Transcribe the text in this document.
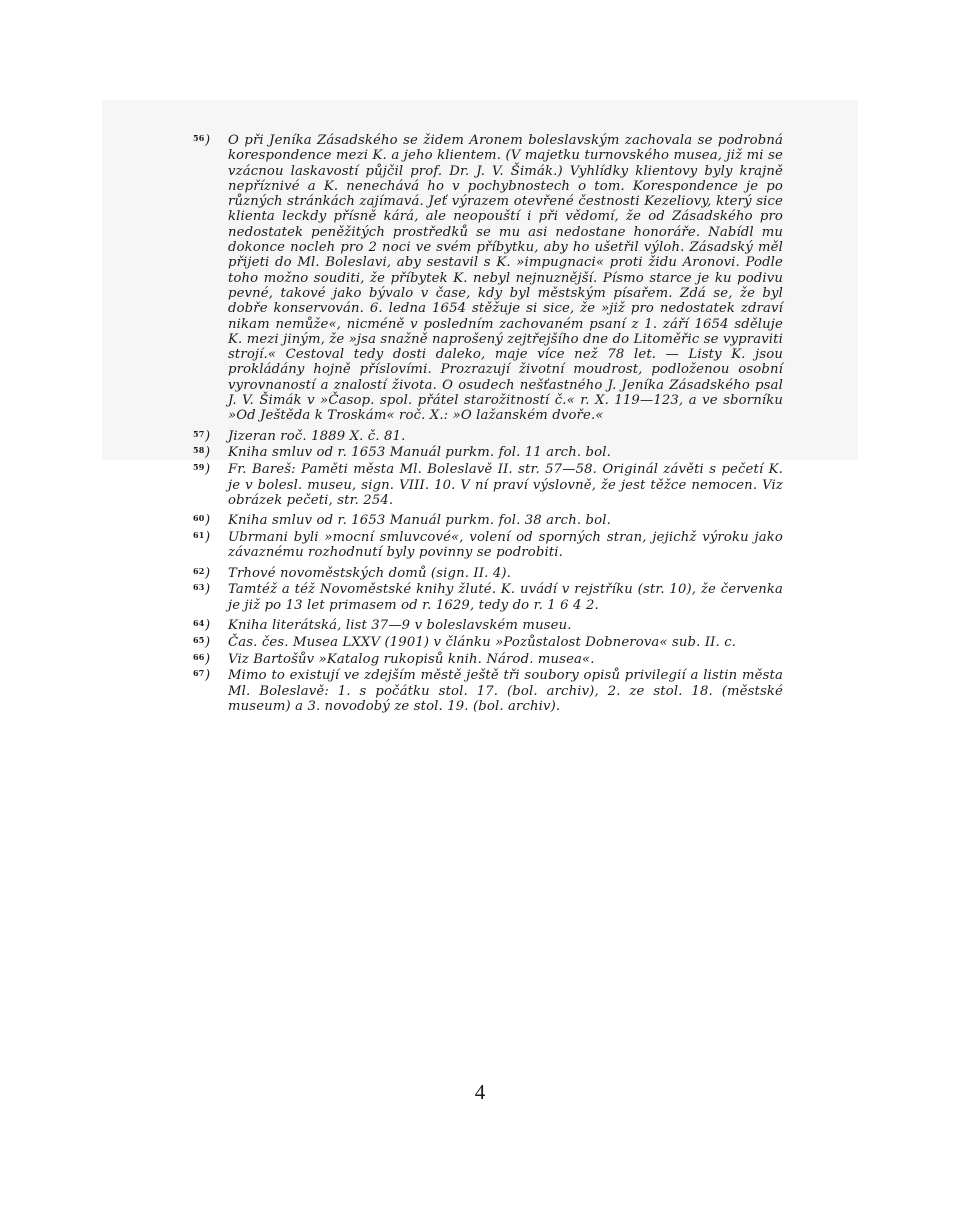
56 ) O při Jeníka Zásadského se židem Aronem boleslavským zachovala se podrobná korespondence mezi K. a jeho klientem. (V majetku turnovského musea, již mi se vzácnou laskavostí půjčil prof. Dr. J. V. Šimák.) Vyhlídky klientovy byly krajně nepříznivé a K. nenechává ho v pochybnostech o tom. Korespondence je po různých stránkách zajímavá. Jeť výrazem otevřené čestnosti Kezeliovy, který sice klienta leckdy přísně kárá, ale neopouští i při vědomí, že od Zásadského pro nedostatek peněžitých prostředků se mu asi nedostane honoráře. Nabídl mu dokonce nocleh pro 2 noci ve svém příbytku, aby ho ušetřil výloh. Zásadský měl přijeti do Ml. Boleslavi, aby sestavil s K. »impugnaci« proti židu Aronovi. Podle toho možno souditi, že příbytek K. nebyl nejnuznější. Písmo starce je ku podivu pevné, takové jako bývalo v čase, kdy byl městským písařem. Zdá se, že byl dobře konservován. 6. ledna 1654 stěžuje si sice, že »již pro nedostatek zdraví nikam nemůže«, nicméně v posledním zachovaném psaní z 1. září 1654 sděluje K. mezi jiným, že »jsa snažně naprošený zejtřejšího dne do Litoměřic se vypraviti strojí.« Cestoval tedy dosti daleko, maje více než 78 let. — Listy K. jsou prokládány hojně příslovími. Prozrazují životní moudrost, podloženou osobní vyrovnaností a znalostí života. O osudech nešťastného J. Jeníka Zásadského psal J. V. Šimák v »Časop. spol. přátel starožitností č.« r. X. 119—123, a ve sborníku »Od Ještěda k Troskám« roč. X.: »O lažanském dvoře.«

57 ) Jizeran roč. 1889 X. č. 81.

58 ) Kniha smluv od r. 1653 Manuál purkm. fol. 11 arch. bol.

59 ) Fr. Bareš: Paměti města Ml. Boleslavě II. str. 57—58. Originál závěti s pečetí K. je v bolesl. museu, sign. VIII. 10. V ní praví výslovně, že jest těžce nemocen. Viz obrázek pečeti, str. 254.

60 ) Kniha smluv od r. 1653 Manuál purkm. fol. 38 arch. bol.

61 ) Ubrmani byli »mocní smluvcové«, volení od sporných stran, jejichž výroku jako závaznému rozhodnutí byly povinny se podrobiti.

62 ) Trhové novoměstských domů (sign. II. 4).

63 ) Tamtéž a též Novoměstské knihy žluté. K. uvádí v rejstříku (str. 10), že červenka je již po 13 let primasem od r. 1629, tedy do r. 1 6 4 2.

64 ) Kniha literátská, list 37—9 v boleslavském museu.

65 ) Čas. čes. Musea LXXV (1901) v článku »Pozůstalost Dobnerova« sub. II. c.

66 ) Viz Bartošův »Katalog rukopisů knih. Národ. musea«.

67 ) Mimo to existují ve zdejším městě ještě tři soubory opisů privilegií a listin města Ml. Boleslavě: 1. s počátku stol. 17. (bol. archiv), 2. ze stol. 18. (městské museum) a 3. novodobý ze stol. 19. (bol. archiv).

4
